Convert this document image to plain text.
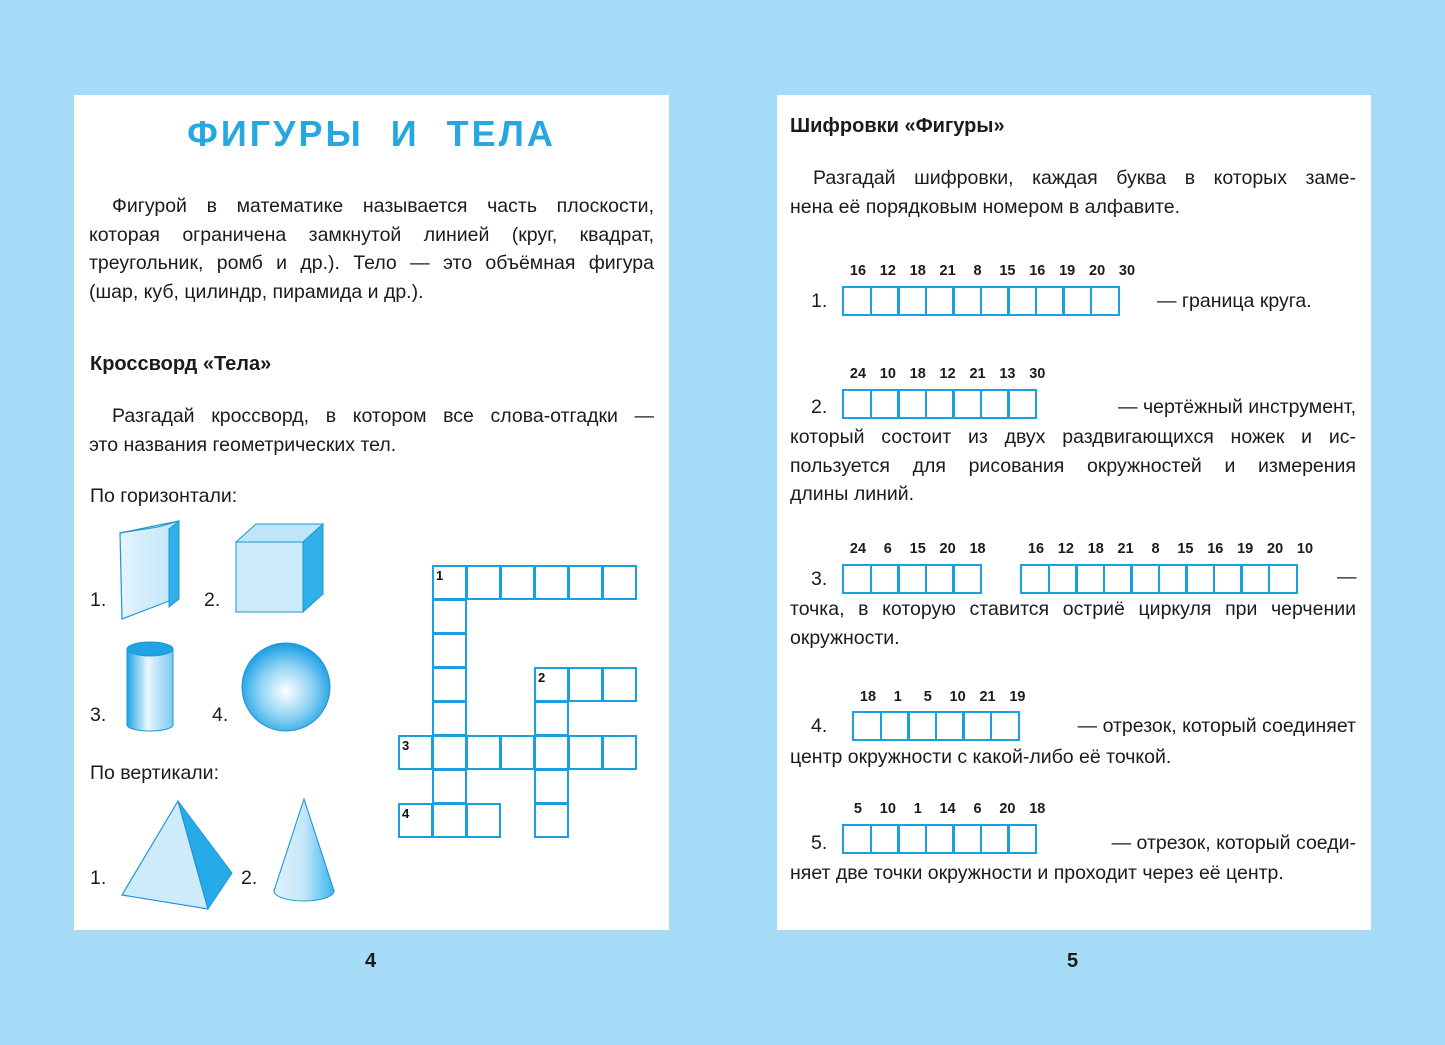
ФИГУРЫ И ТЕЛА
Фигурой в математике называется часть плоскости,
которая ограничена замкнутой линией (круг, квадрат,
треугольник, ромб и др.). Тело — это объёмная фигура
(шар, куб, цилиндр, пирамида и др.).
Кроссворд «Тела»
Разгадай кроссворд, в котором все слова-отгадки —
это названия геометрических тел.
По горизонтали:
1.	2.
3.	4.
По вертикали:
1.	2.
1
2
3
4
Шифровки «Фигуры»
Разгадай шифровки, каждая буква в которых заме-
нена её порядковым номером в алфавите.
16 12 18 21	8	15 16 19 20 30
1.	— граница круга.
24 10 18 12 21 13 30
2.	— чертёжный инструмент,
который состоит из двух раздвигающихся ножек и ис-
пользуется для рисования окружностей и измерения
длины линий.
24	6	15 20 18	16 12 18 21	8	15 16 19 20 10
3.	—
точка, в которую ставится остриё циркуля при черчении
окружности.
18	1	5	10 21 19
4.	— отрезок, который соединяет
центр окружности с какой-либо её точкой.
5	10	1	14	6	20 18
5.	— отрезок, который соеди-
няет две точки окружности и проходит через её центр.
4	5
